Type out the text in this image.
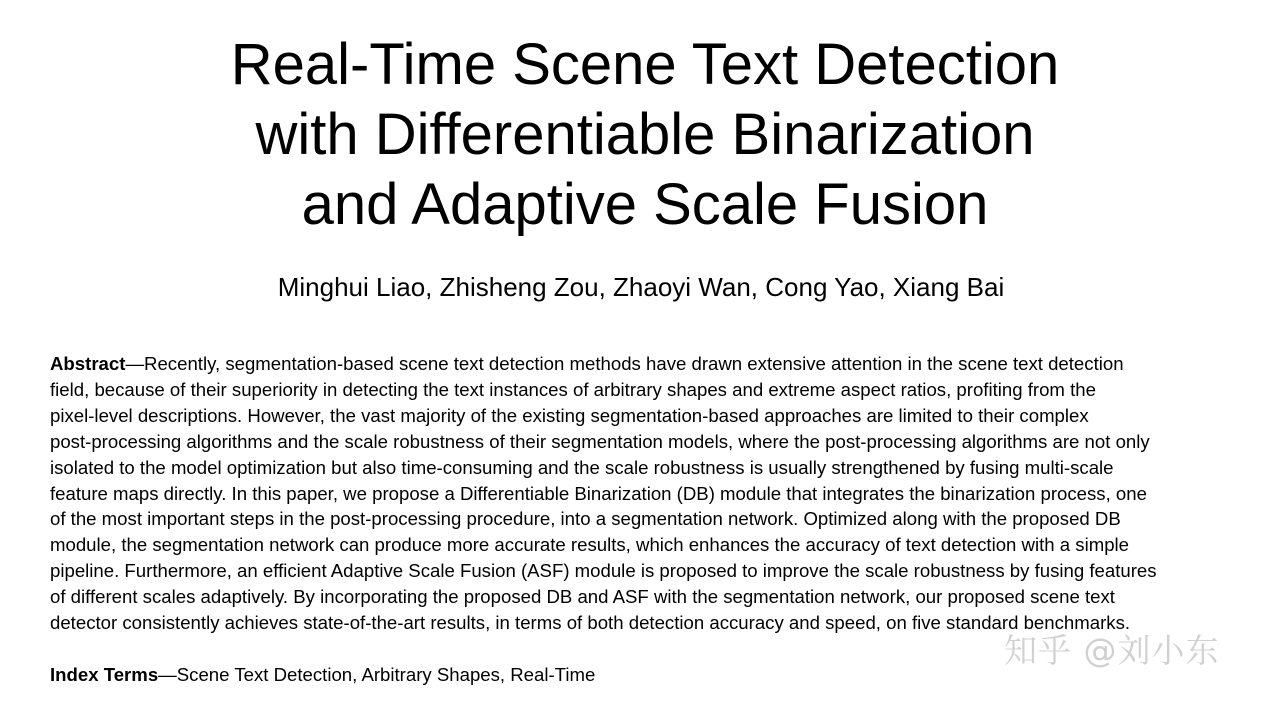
Real-Time Scene Text Detection
with Differentiable Binarization
and Adaptive Scale Fusion
Minghui Liao, Zhisheng Zou, Zhaoyi Wan, Cong Yao, Xiang Bai
Abstract—Recently, segmentation-based scene text detection methods have drawn extensive attention in the scene text detection
field, because of their superiority in detecting the text instances of arbitrary shapes and extreme aspect ratios, profiting from the
pixel-level descriptions. However, the vast majority of the existing segmentation-based approaches are limited to their complex
post-processing algorithms and the scale robustness of their segmentation models, where the post-processing algorithms are not only
isolated to the model optimization but also time-consuming and the scale robustness is usually strengthened by fusing multi-scale
feature maps directly. In this paper, we propose a Differentiable Binarization (DB) module that integrates the binarization process, one
of the most important steps in the post-processing procedure, into a segmentation network. Optimized along with the proposed DB
module, the segmentation network can produce more accurate results, which enhances the accuracy of text detection with a simple
pipeline. Furthermore, an efficient Adaptive Scale Fusion (ASF) module is proposed to improve the scale robustness by fusing features
of different scales adaptively. By incorporating the proposed DB and ASF with the segmentation network, our proposed scene text
detector consistently achieves state-of-the-art results, in terms of both detection accuracy and speed, on five standard benchmarks.
Index Terms—Scene Text Detection, Arbitrary Shapes, Real-Time
知乎 @刘小东
